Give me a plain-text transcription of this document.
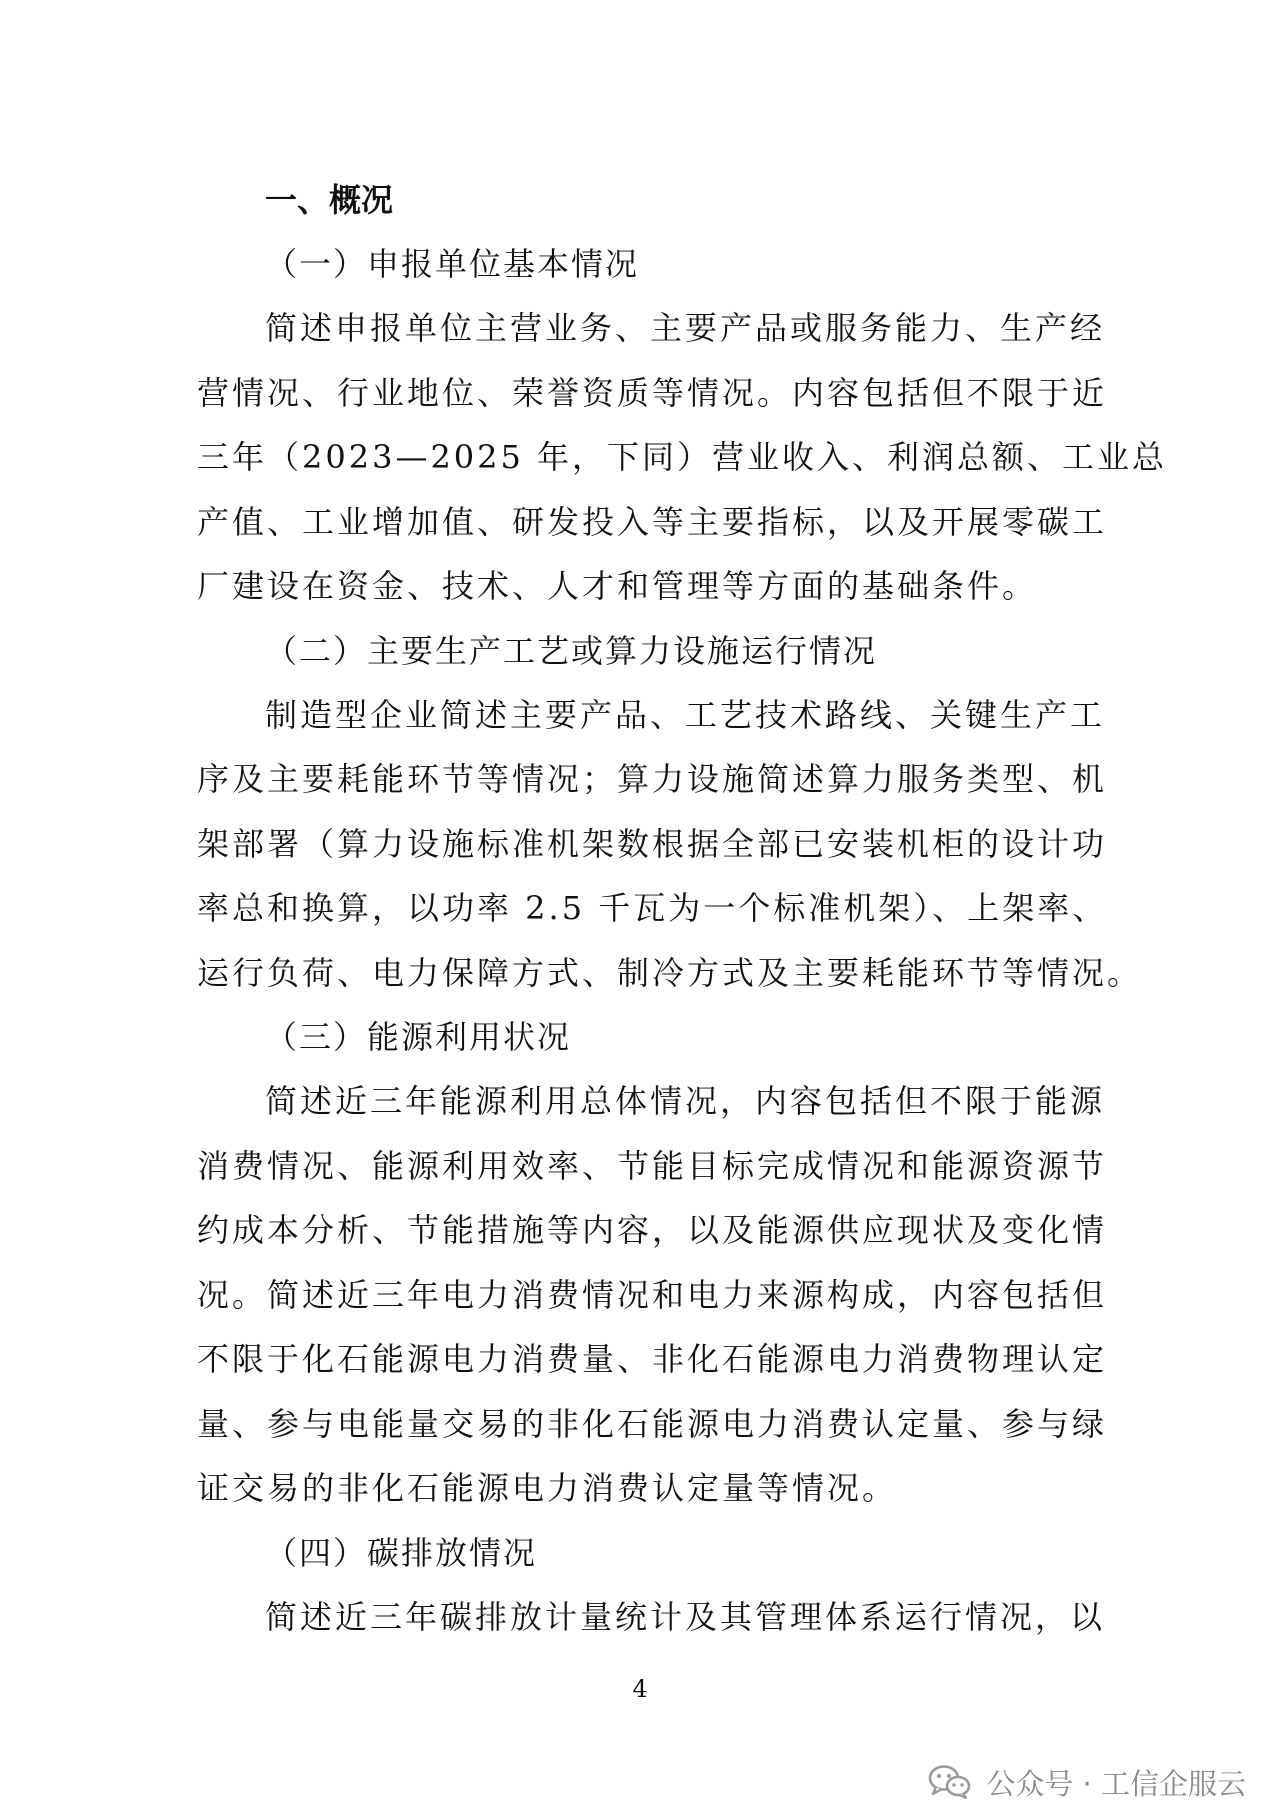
一、概况
（一）申报单位基本情况
简述申报单位主营业务、主要产品或服务能力、生产经
营情况、行业地位、荣誉资质等情况。内容包括但不限于近
三年（2023—2025 年，下同）营业收入、利润总额、工业总
产值、工业增加值、研发投入等主要指标，以及开展零碳工
厂建设在资金、技术、人才和管理等方面的基础条件。
（二）主要生产工艺或算力设施运行情况
制造型企业简述主要产品、工艺技术路线、关键生产工
序及主要耗能环节等情况；算力设施简述算力服务类型、机
架部署（算力设施标准机架数根据全部已安装机柜的设计功
率总和换算，以功率 2.5 千瓦为一个标准机架）、上架率、
运行负荷、电力保障方式、制冷方式及主要耗能环节等情况。
（三）能源利用状况
简述近三年能源利用总体情况，内容包括但不限于能源
消费情况、能源利用效率、节能目标完成情况和能源资源节
约成本分析、节能措施等内容，以及能源供应现状及变化情
况。简述近三年电力消费情况和电力来源构成，内容包括但
不限于化石能源电力消费量、非化石能源电力消费物理认定
量、参与电能量交易的非化石能源电力消费认定量、参与绿
证交易的非化石能源电力消费认定量等情况。
（四）碳排放情况
简述近三年碳排放计量统计及其管理体系运行情况，以
4
公众号 · 工信企服云
